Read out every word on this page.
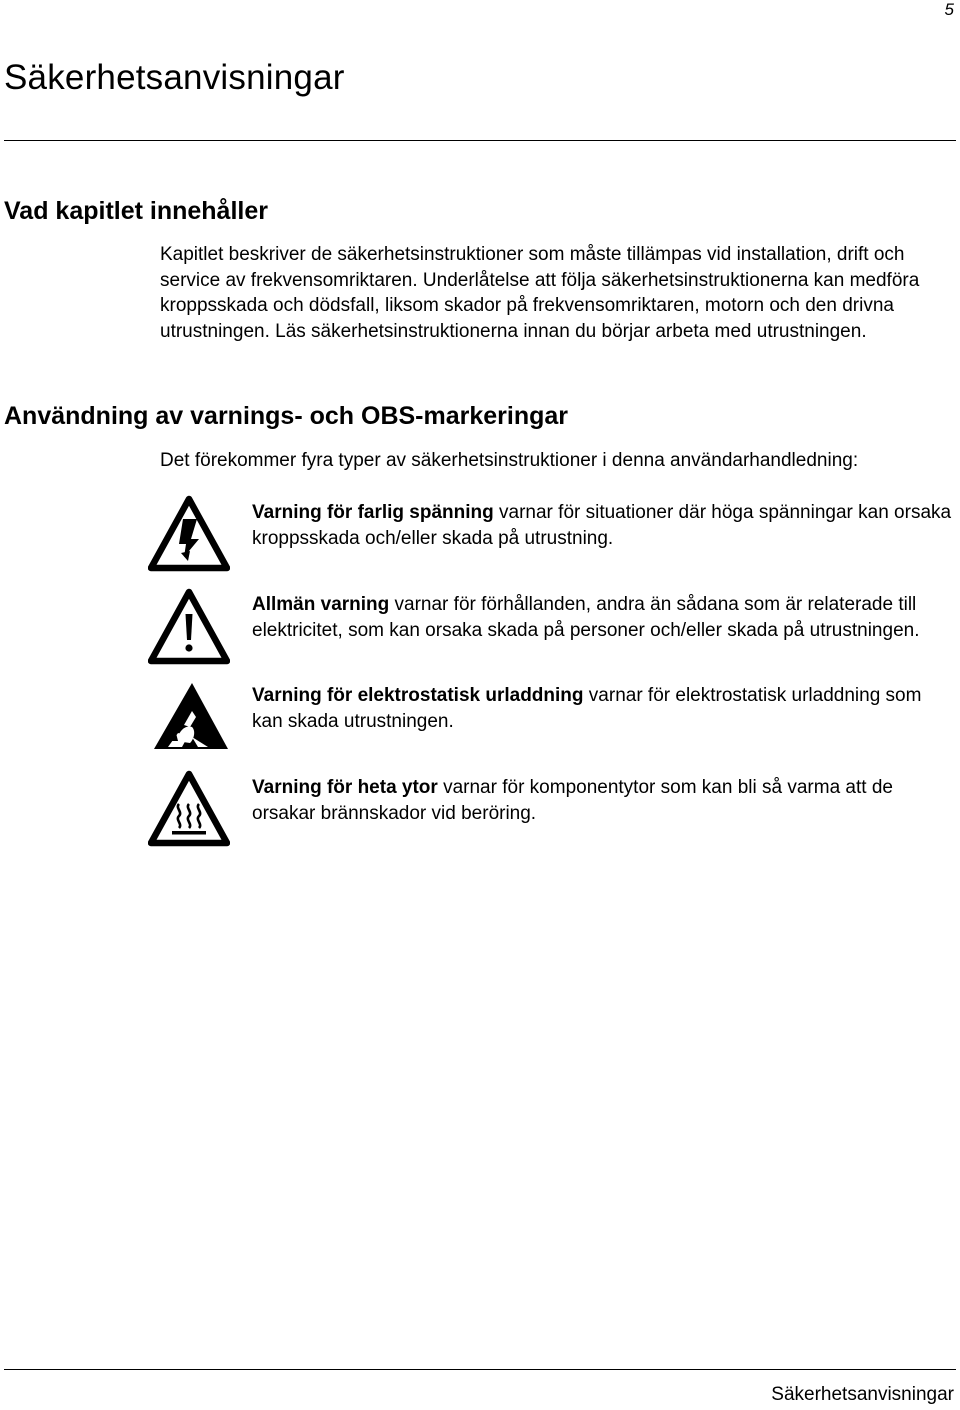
5
Säkerhetsanvisningar
Vad kapitlet innehåller

Kapitlet beskriver de säkerhetsinstruktioner som måste tillämpas vid installation, drift och service av frekvensomriktaren. Underlåtelse att följa säkerhetsinstruktionerna kan medföra kroppsskada och dödsfall, liksom skador på frekvensomriktaren, motorn och den drivna utrustningen. Läs säkerhetsinstruktionerna innan du börjar arbeta med utrustningen.

Användning av varnings- och OBS-markeringar

Det förekommer fyra typer av säkerhetsinstruktioner i denna användarhandledning:

Varning för farlig spänning varnar för situationer där höga spänningar kan orsaka kroppsskada och/eller skada på utrustning.

Allmän varning varnar för förhållanden, andra än sådana som är relaterade till elektricitet, som kan orsaka skada på personer och/eller skada på utrustningen.

Varning för elektrostatisk urladdning varnar för elektrostatisk urladdning som kan skada utrustningen.

Varning för heta ytor varnar för komponentytor som kan bli så varma att de orsakar brännskador vid beröring.

Säkerhetsanvisningar
